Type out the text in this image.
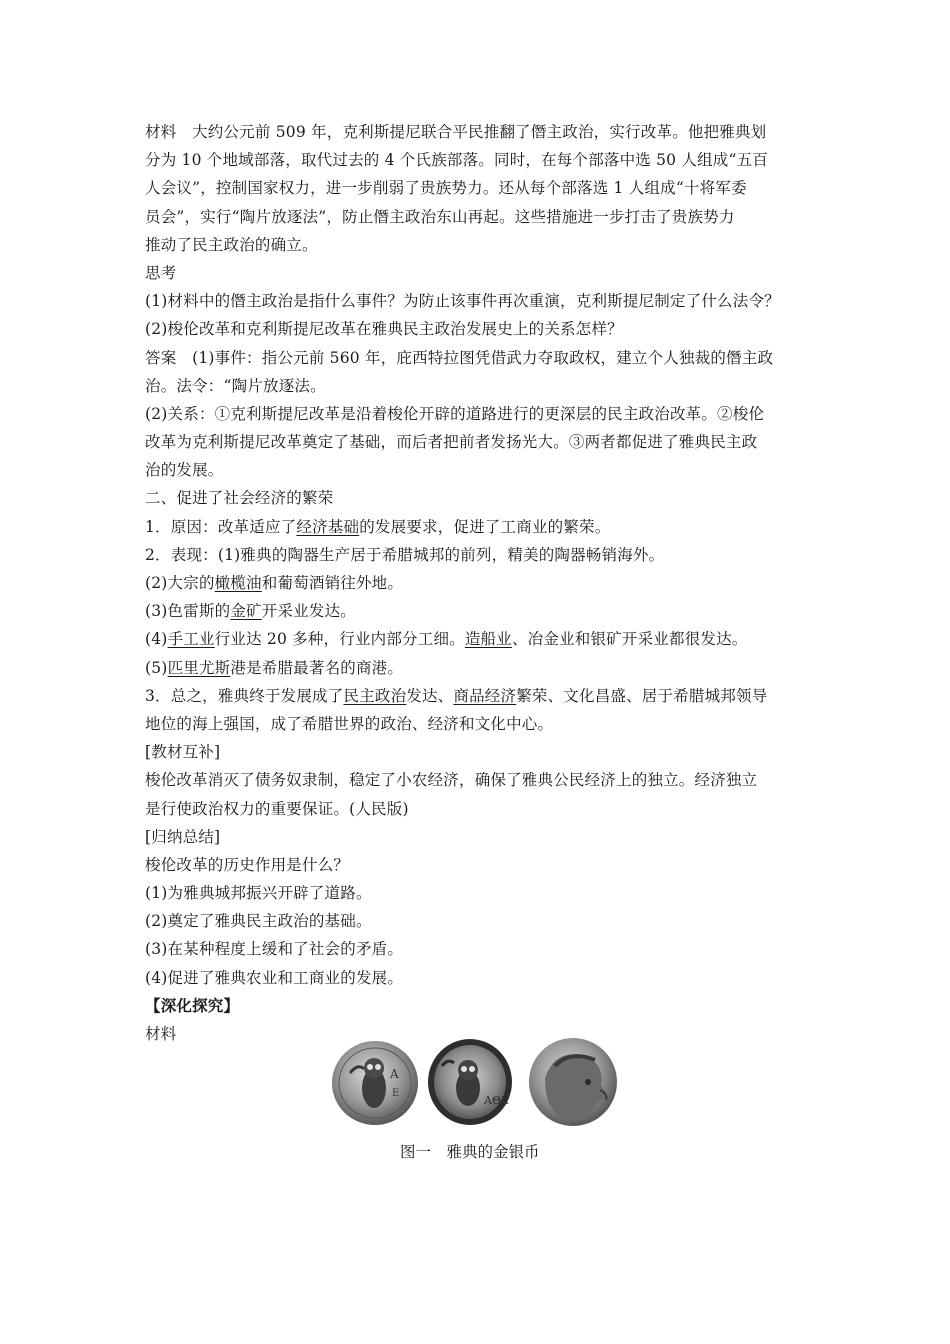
材料　大约公元前 509 年，克利斯提尼联合平民推翻了僭主政治，实行改革。他把雅典划
分为 10 个地域部落，取代过去的 4 个氏族部落。同时，在每个部落中选 50 人组成“五百
人会议”，控制国家权力，进一步削弱了贵族势力。还从每个部落选 1 人组成“十将军委
员会”，实行“陶片放逐法”，防止僭主政治东山再起。这些措施进一步打击了贵族势力
推动了民主政治的确立。
思考
(1)材料中的僭主政治是指什么事件？为防止该事件再次重演，克利斯提尼制定了什么法令？
(2)梭伦改革和克利斯提尼改革在雅典民主政治发展史上的关系怎样？
答案　(1)事件：指公元前 560 年，庇西特拉图凭借武力夺取政权，建立个人独裁的僭主政
治。法令：“陶片放逐法。
(2)关系：①克利斯提尼改革是沿着梭伦开辟的道路进行的更深层的民主政治改革。②梭伦
改革为克利斯提尼改革奠定了基础，而后者把前者发扬光大。③两者都促进了雅典民主政
治的发展。
二、促进了社会经济的繁荣
1．原因：改革适应了经济基础的发展要求，促进了工商业的繁荣。
2．表现：(1)雅典的陶器生产居于希腊城邦的前列，精美的陶器畅销海外。
(2)大宗的橄榄油和葡萄酒销往外地。
(3)色雷斯的金矿开采业发达。
(4)手工业行业达 20 多种，行业内部分工细。造船业、冶金业和银矿开采业都很发达。
(5)匹里尤斯港是希腊最著名的商港。
3．总之，雅典终于发展成了民主政治发达、商品经济繁荣、文化昌盛、居于希腊城邦领导
地位的海上强国，成了希腊世界的政治、经济和文化中心。
[教材互补]
梭伦改革消灭了债务奴隶制，稳定了小农经济，确保了雅典公民经济上的独立。经济独立
是行使政治权力的重要保证。(人民版)
[归纳总结]
梭伦改革的历史作用是什么？
(1)为雅典城邦振兴开辟了道路。
(2)奠定了雅典民主政治的基础。
(3)在某种程度上缓和了社会的矛盾。
(4)促进了雅典农业和工商业的发展。
【深化探究】
材料
A
E
AΘE
图一　雅典的金银币
